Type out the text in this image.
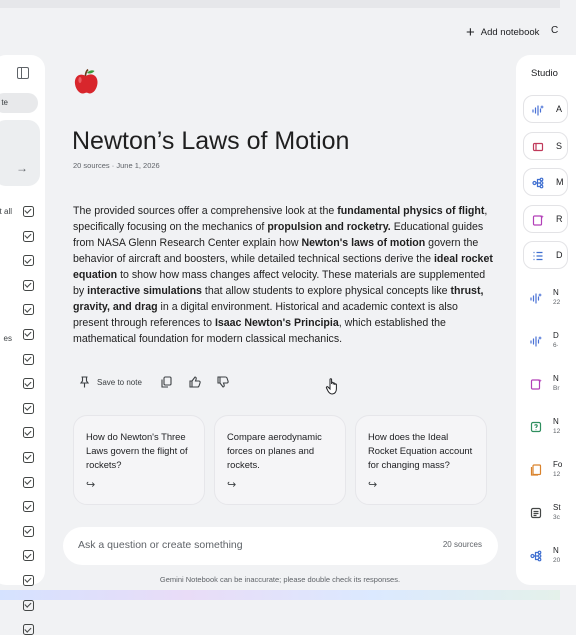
+ Add notebook C
te
→
t all
es
Newton’s Laws of Motion
20 sources · June 1, 2026

The provided sources offer a comprehensive look at the fundamental physics of flight, specifically focusing on the mechanics of propulsion and rocketry. Educational guides from NASA Glenn Research Center explain how Newton's laws of motion govern the behavior of aircraft and boosters, while detailed technical sections derive the ideal rocket equation to show how mass changes affect velocity. These materials are supplemented by interactive simulations that allow students to explore physical concepts like thrust, gravity, and drag in a digital environment. Historical and academic context is also present through references to Isaac Newton's Principia, which established the mathematical foundation for modern classical mechanics.

Save to note
How do Newton's Three Laws govern the flight of rockets?
↪
Compare aerodynamic forces on planes and rockets.
↪
How does the Ideal Rocket Equation account for changing mass?
↪
Ask a question or create something
20 sources
Gemini Notebook can be inaccurate; please double check its responses.
Studio
A
S
M
R
D
N
22
D
6·
N
Br
N
12
Fo
12
St
3c
N
20
